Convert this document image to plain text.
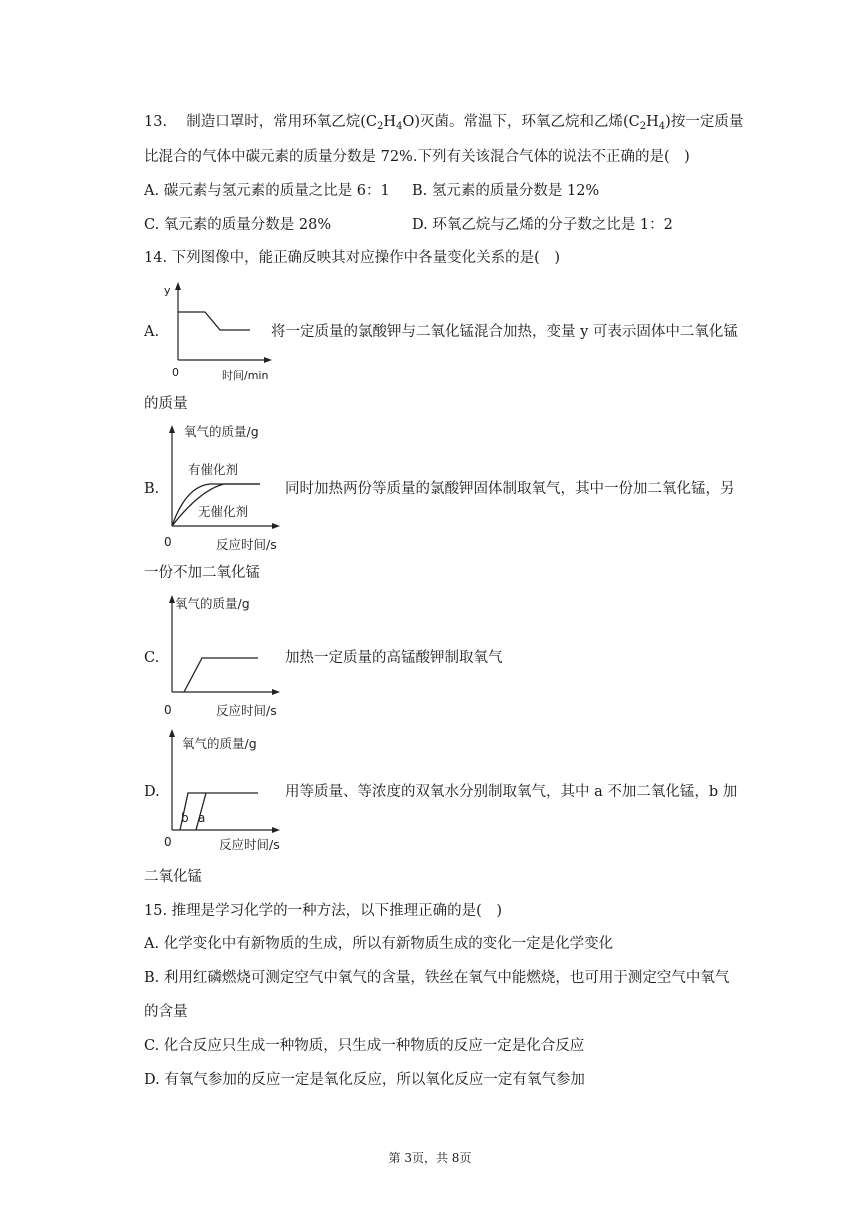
13. 制造口罩时，常用环氧乙烷$(C_2H_4O)$灭菌。常温下，环氧乙烷和乙烯$(C_2H_4)$按一定质量
比混合的气体中碳元素的质量分数是 72%.下列有关该混合气体的说法不正确的是(　)
A. 碳元素与氢元素的质量之比是 6：1 B. 氢元素的质量分数是 12%
C. 氧元素的质量分数是 28%	D. 环氧乙烷与乙烯的分子数之比是 1：2
14. 下列图像中，能正确反映其对应操作中各量变化关系的是(　)
A.
y
0	时间/min
将一定质量的氯酸钾与二氧化锰混合加热，变量 y 可表示固体中二氧化锰
的质量
B.
氧气的质量/g
有催化剂
无催化剂
0	反应时间/s
同时加热两份等质量的氯酸钾固体制取氧气，其中一份加二氧化锰，另
一份不加二氧化锰
C.
氧气的质量/g
0	反应时间/s
加热一定质量的高锰酸钾制取氧气
D.
b a
氧气的质量/g
0	反应时间/s
用等质量、等浓度的双氧水分别制取氧气，其中 a 不加二氧化锰，b 加
二氧化锰
15. 推理是学习化学的一种方法，以下推理正确的是(　)
A. 化学变化中有新物质的生成，所以有新物质生成的变化一定是化学变化
B. 利用红磷燃烧可测定空气中氧气的含量，铁丝在氧气中能燃烧，也可用于测定空气中氧气
的含量
C. 化合反应只生成一种物质，只生成一种物质的反应一定是化合反应
D. 有氧气参加的反应一定是氧化反应，所以氧化反应一定有氧气参加
第 3页，共 8页
